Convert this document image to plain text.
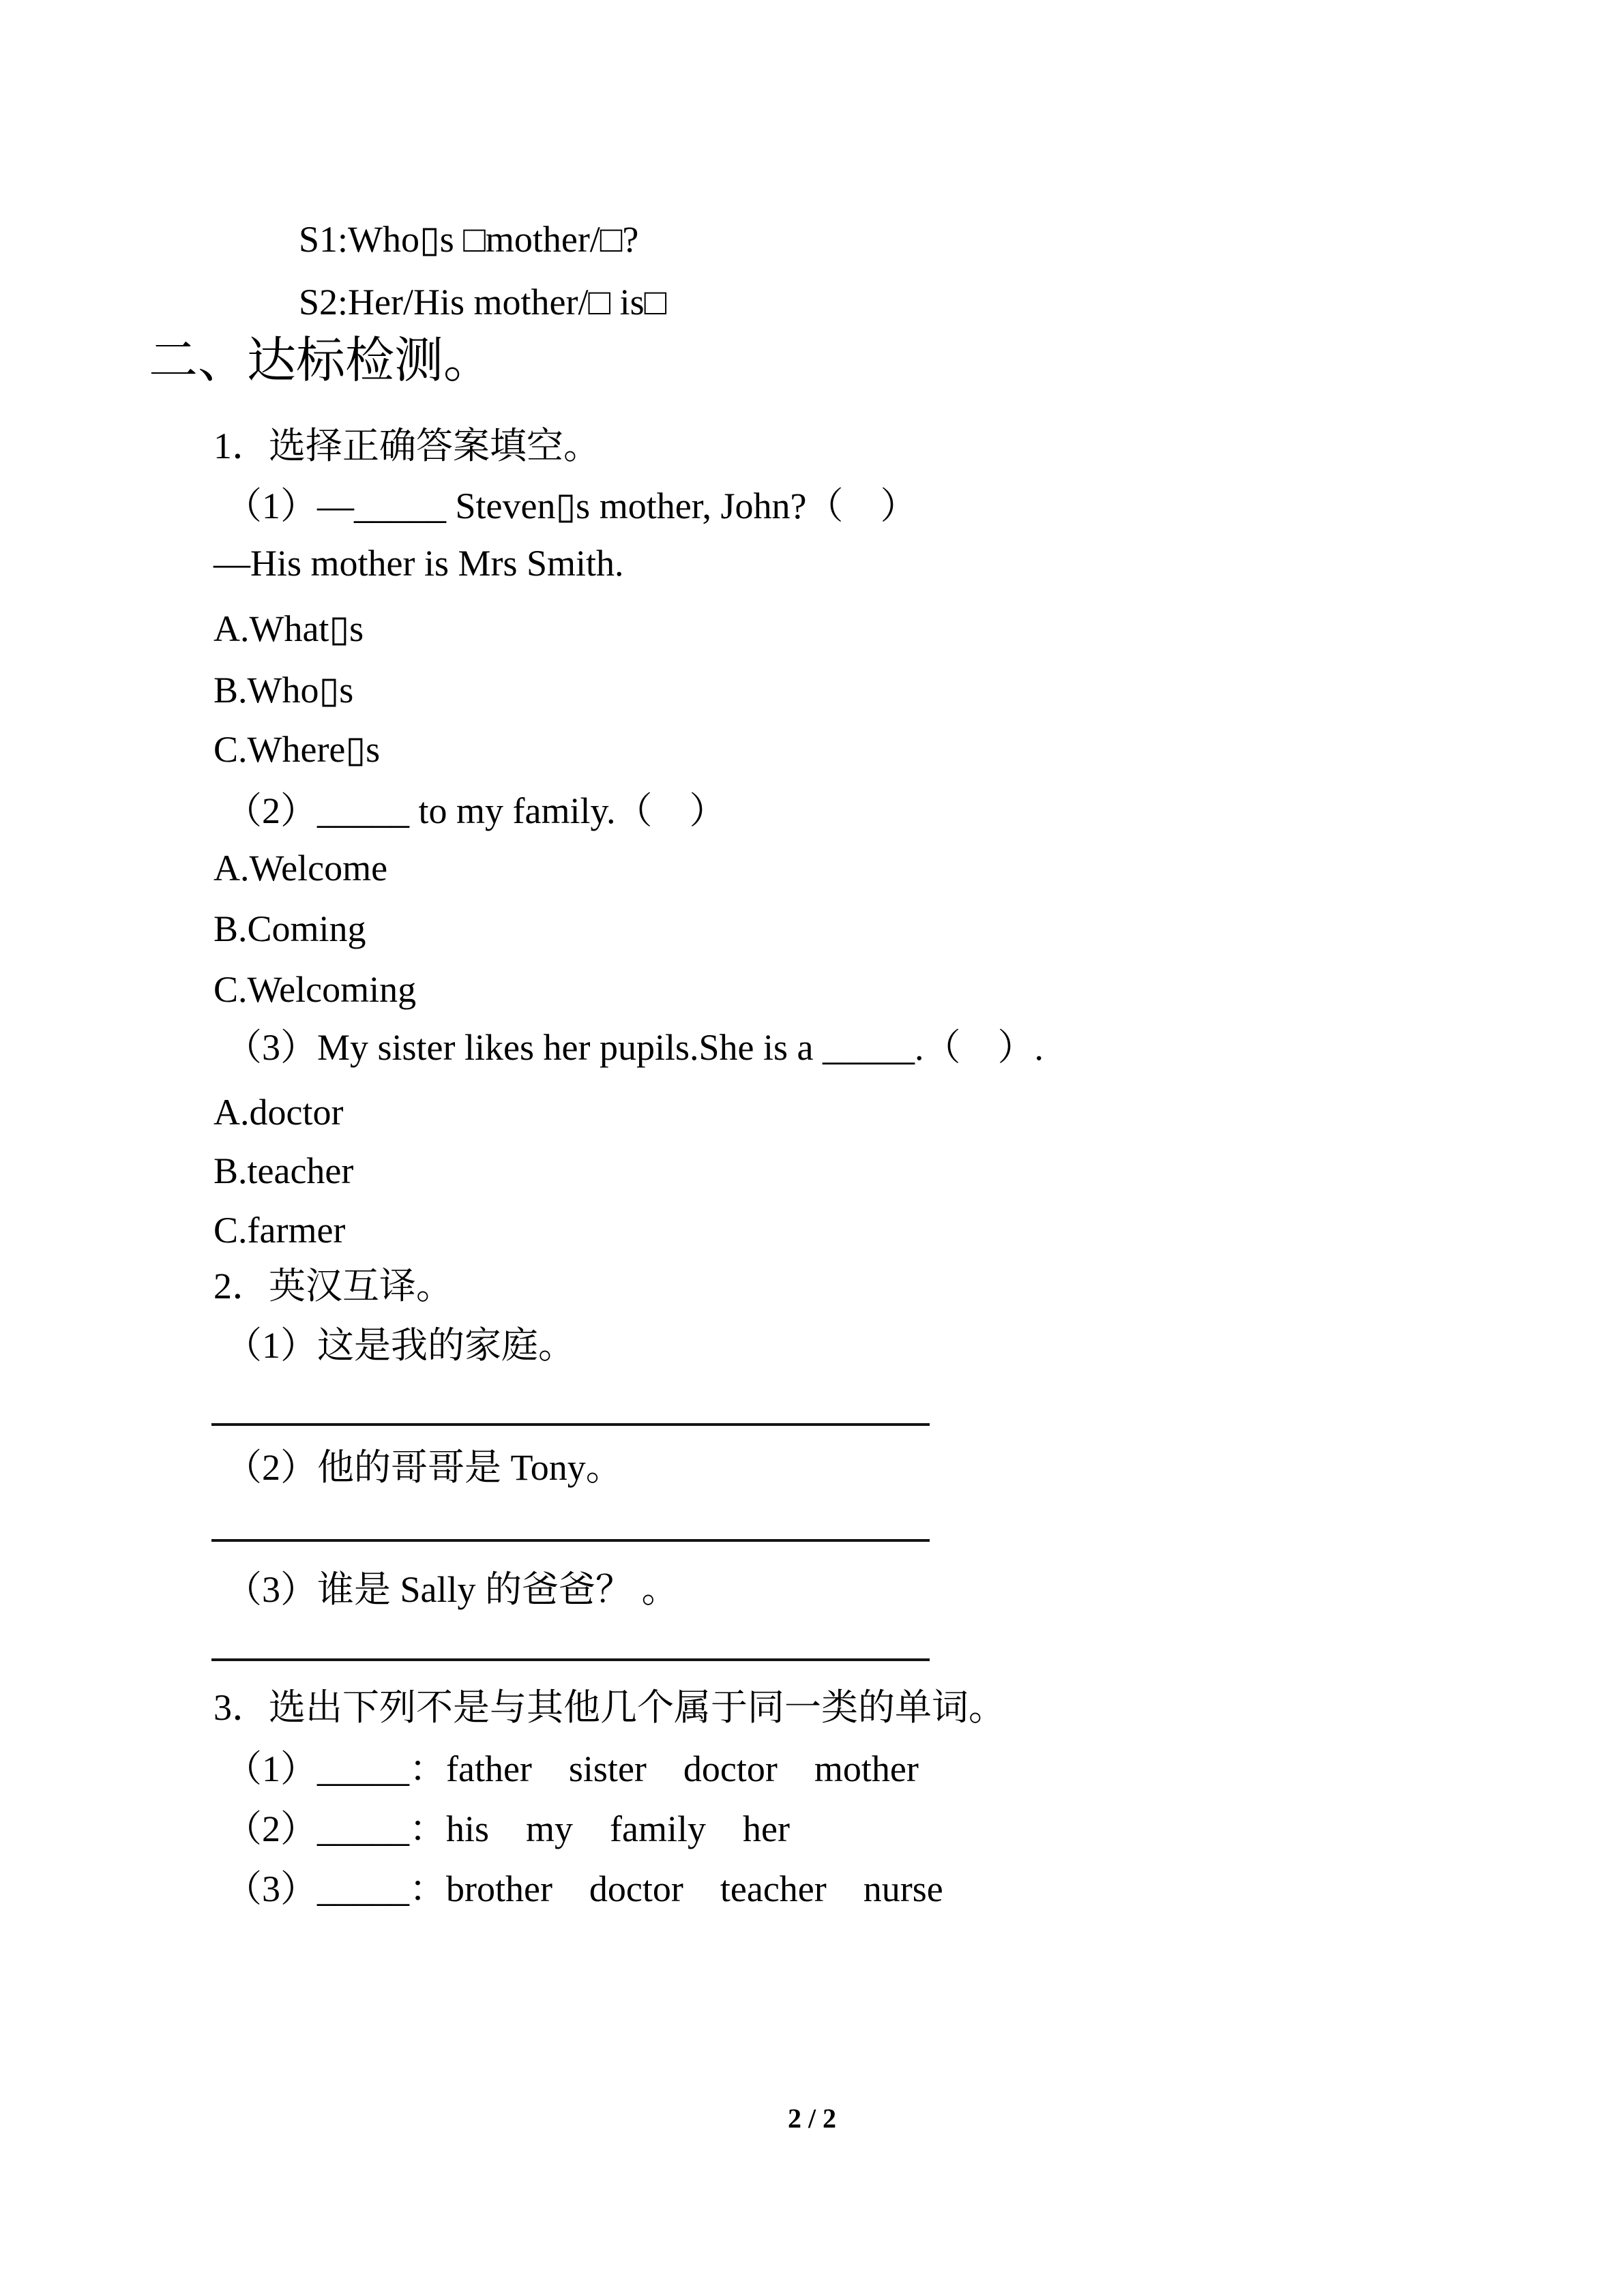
S1:Who▯s □mother/□?
S2:Her/His mother/□ is□
二、达标检测。
1．选择正确答案填空。
（1）—_____ Steven▯s mother, John?（　）
—His mother is Mrs Smith.
A.What▯s
B.Who▯s
C.Where▯s
（2）_____ to my family.（　）
A.Welcome
B.Coming
C.Welcoming
（3）My sister likes her pupils.She is a _____.（　）.
A.doctor
B.teacher
C.farmer
2．英汉互译。
（1）这是我的家庭。
（2）他的哥哥是 Tony。
（3）谁是 Sally 的爸爸？ 。
3．选出下列不是与其他几个属于同一类的单词。
（1）_____：father    sister    doctor    mother
（2）_____：his    my    family    her
（3）_____：brother    doctor    teacher    nurse
2 / 2
